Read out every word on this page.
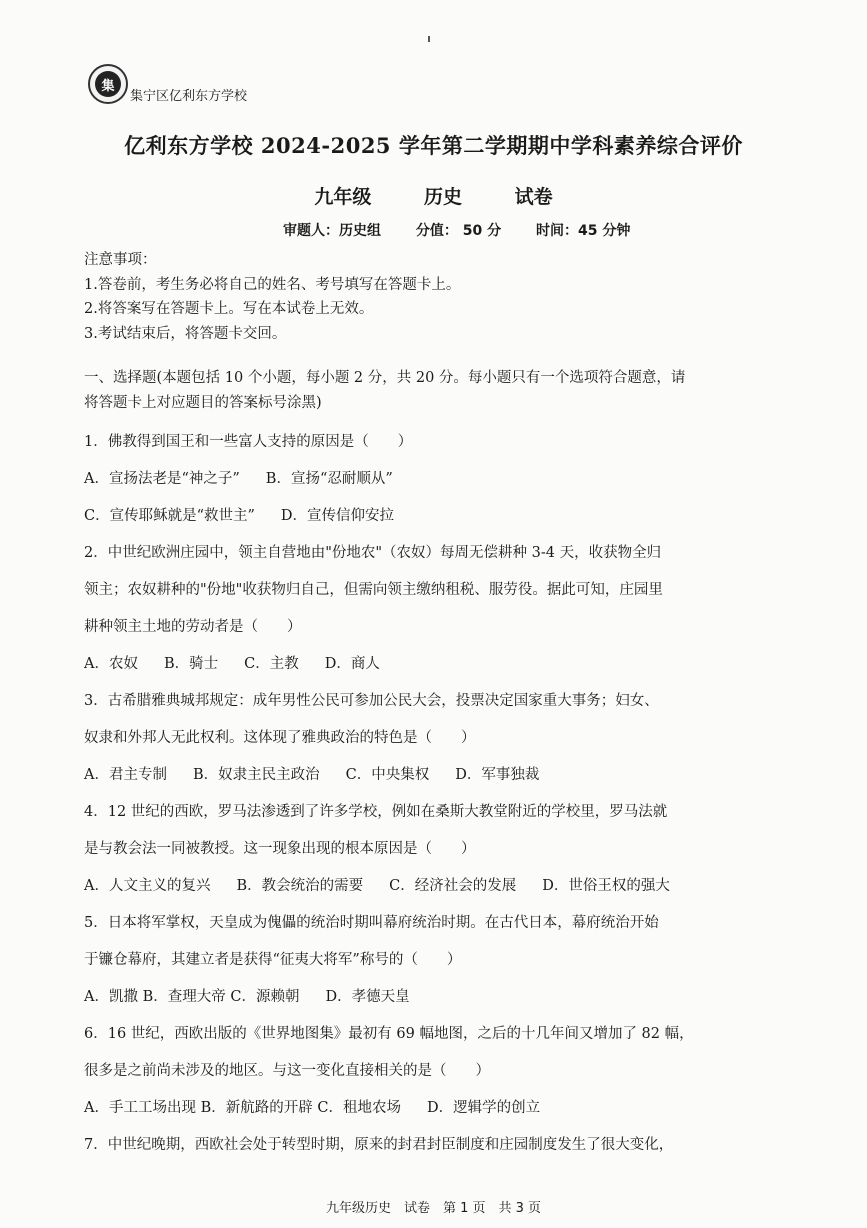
集
集宁区亿利东方学校
亿利东方学校 2024-2025 学年第二学期期中学科素养综合评价
九年级	历史	试卷
审题人：历史组 分值： 50 分 时间：45 分钟
注意事项：
1.答卷前，考生务必将自己的姓名、考号填写在答题卡上。
2.将答案写在答题卡上。写在本试卷上无效。
3.考试结束后，将答题卡交回。
一、选择题(本题包括 10 个小题，每小题 2 分，共 20 分。每小题只有一个选项符合题意，请
将答题卡上对应题目的答案标号涂黑)
1．佛教得到国王和一些富人支持的原因是（　　）
A．宣扬法老是“神之子” B．宣扬“忍耐顺从”
C．宣传耶稣就是“救世主” D．宣传信仰安拉
2．中世纪欧洲庄园中，领主自营地由"份地农"（农奴）每周无偿耕种 3-4 天，收获物全归
领主；农奴耕种的"份地"收获物归自己，但需向领主缴纳租税、服劳役。据此可知，庄园里
耕种领主土地的劳动者是（　　）
A．农奴 B．骑士 C．主教 D．商人
3．古希腊雅典城邦规定：成年男性公民可参加公民大会，投票决定国家重大事务；妇女、
奴隶和外邦人无此权利。这体现了雅典政治的特色是（　　）
A．君主专制 B．奴隶主民主政治 C．中央集权 D．军事独裁
4．12 世纪的西欧，罗马法渗透到了许多学校，例如在桑斯大教堂附近的学校里，罗马法就
是与教会法一同被教授。这一现象出现的根本原因是（　　）
A．人文主义的复兴 B．教会统治的需要 C．经济社会的发展 D．世俗王权的强大
5．日本将军掌权，天皇成为傀儡的统治时期叫幕府统治时期。在古代日本，幕府统治开始
于镰仓幕府，其建立者是获得“征夷大将军”称号的（　　）
A．凯撒 B．查理大帝 C．源赖朝 D．孝德天皇
6．16 世纪，西欧出版的《世界地图集》最初有 69 幅地图，之后的十几年间又增加了 82 幅，
很多是之前尚未涉及的地区。与这一变化直接相关的是（　　）
A．手工工场出现 B．新航路的开辟 C．租地农场 D．逻辑学的创立
7．中世纪晚期，西欧社会处于转型时期，原来的封君封臣制度和庄园制度发生了很大变化，
九年级历史　试卷　第 1 页　共 3 页
